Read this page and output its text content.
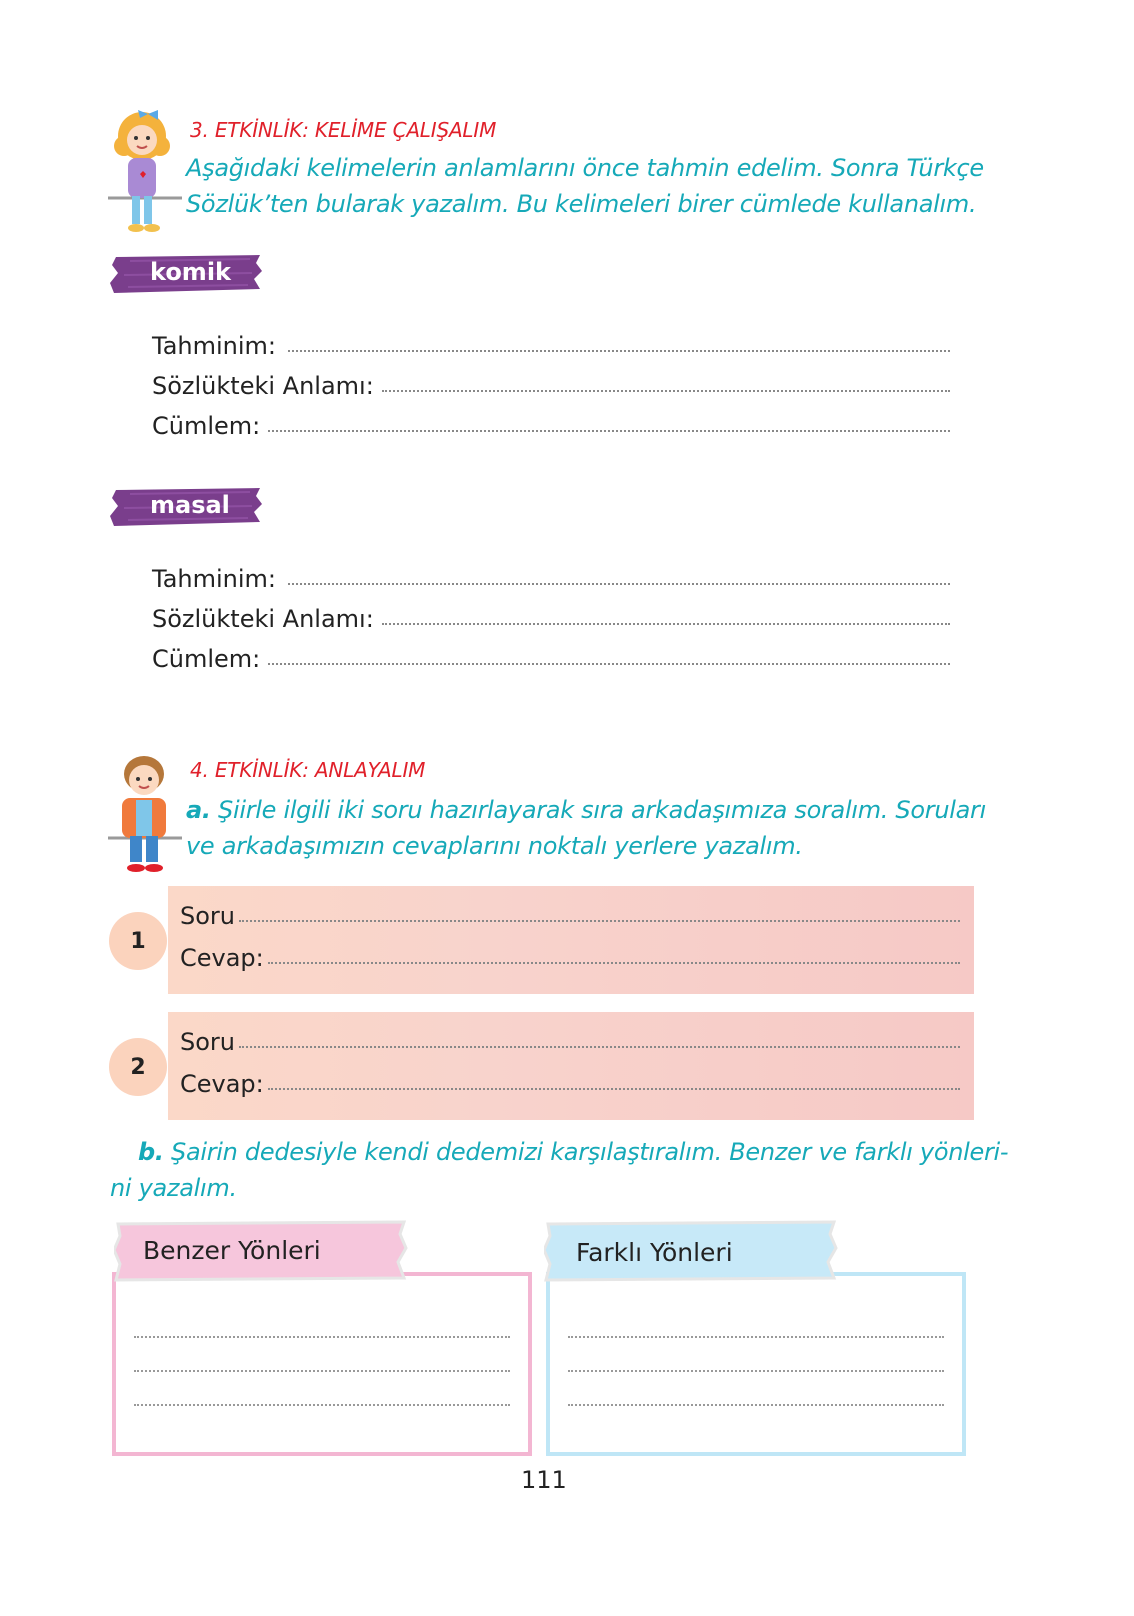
3. ETKİNLİK: KELİME ÇALIŞALIM
Aşağıdaki kelimelerin anlamlarını önce tahmin edelim. Sonra Türkçe
Sözlük’ten bularak yazalım. Bu kelimeleri birer cümlede kullanalım.
komik
Tahminim:
Sözlükteki Anlamı:
Cümlem:
masal
Tahminim:
Sözlükteki Anlamı:
Cümlem:
4. ETKİNLİK: ANLAYALIM
a. Şiirle ilgili iki soru hazırlayarak sıra arkadaşımıza soralım. Soruları
ve arkadaşımızın cevaplarını noktalı yerlere yazalım.
1
Soru
Cevap:
2
Soru
Cevap:
b. Şairin dedesiyle kendi dedemizi karşılaştıralım. Benzer ve farklı yönleri-
ni yazalım.
Benzer Yönleri	Farklı Yönleri
111
